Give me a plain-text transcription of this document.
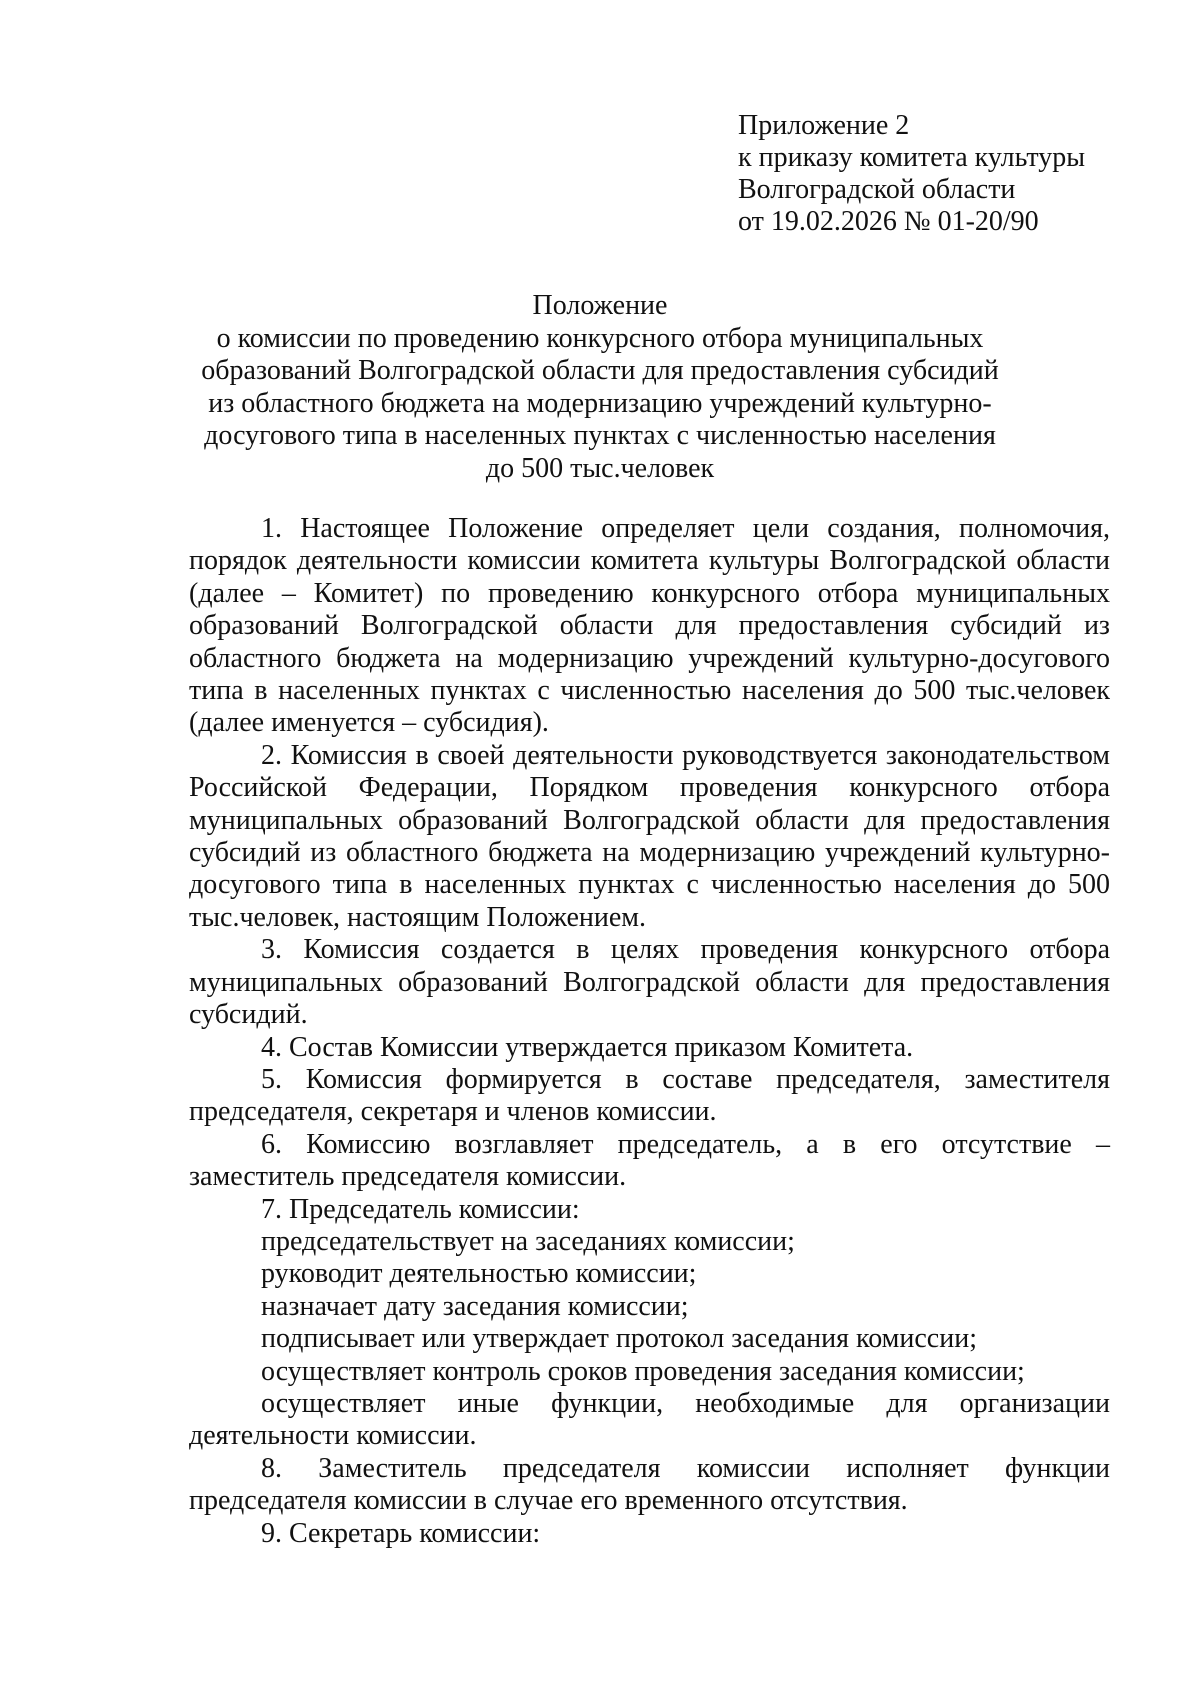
Приложение 2
к приказу комитета культуры
Волгоградской области
от 19.02.2026 № 01-20/90
Положение
о комиссии по проведению конкурсного отбора муниципальных
образований Волгоградской области для предоставления субсидий
из областного бюджета на модернизацию учреждений культурно-
досугового типа в населенных пунктах с численностью населения
до 500 тыс.человек

1. Настоящее Положение определяет цели создания, полномочия, порядок деятельности комиссии комитета культуры Волгоградской области (далее – Комитет) по проведению конкурсного отбора муниципальных образований Волгоградской области для предоставления субсидий из областного бюджета на модернизацию учреждений культурно-досугового типа в населенных пунктах с численностью населения до 500 тыс.человек (далее именуется – субсидия).

2. Комиссия в своей деятельности руководствуется законодательством Российской Федерации, Порядком проведения конкурсного отбора муниципальных образований Волгоградской области для предоставления субсидий из областного бюджета на модернизацию учреждений культурно-досугового типа в населенных пунктах с численностью населения до 500 тыс.человек, настоящим Положением.

3. Комиссия создается в целях проведения конкурсного отбора муниципальных образований Волгоградской области для предоставления субсидий.

4. Состав Комиссии утверждается приказом Комитета.

5. Комиссия формируется в составе председателя, заместителя председателя, секретаря и членов комиссии.

6. Комиссию возглавляет председатель, а в его отсутствие – заместитель председателя комиссии.

7. Председатель комиссии:

председательствует на заседаниях комиссии;

руководит деятельностью комиссии;

назначает дату заседания комиссии;

подписывает или утверждает протокол заседания комиссии;

осуществляет контроль сроков проведения заседания комиссии;

осуществляет иные функции, необходимые для организации деятельности комиссии.

8. Заместитель председателя комиссии исполняет функции председателя комиссии в случае его временного отсутствия.

9. Секретарь комиссии:
